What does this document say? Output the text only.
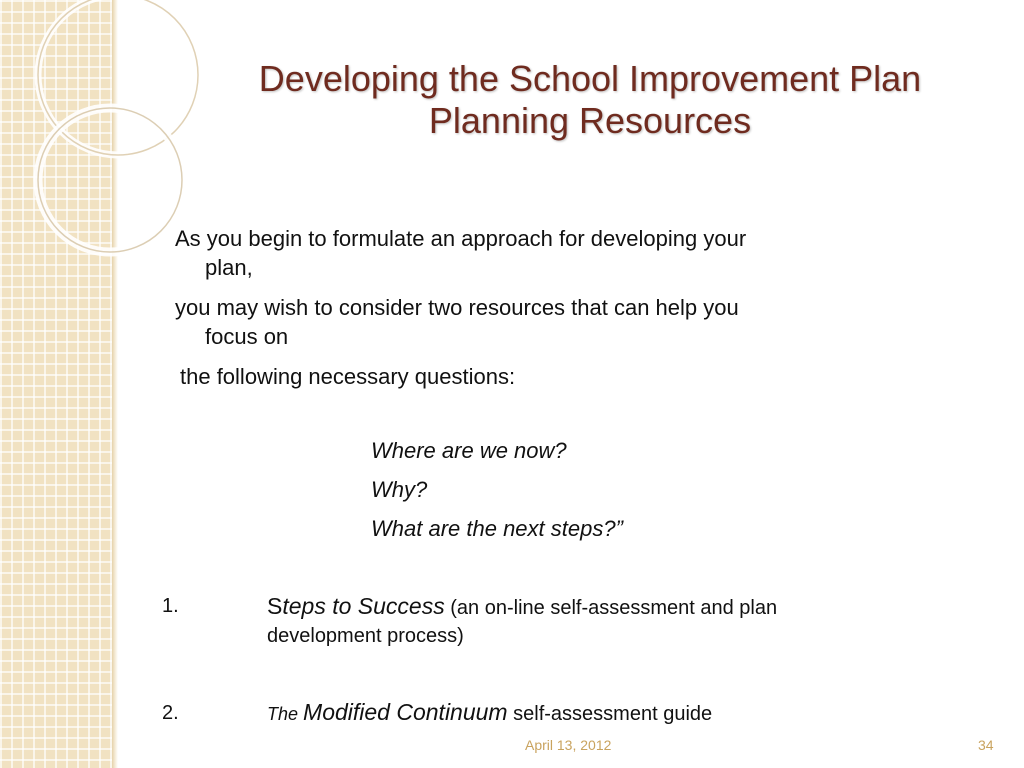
Developing the School Improvement Plan
Planning Resources
As you begin to formulate an approach for developing your
plan,
you may wish to consider two resources that can help you
focus on
the following necessary questions:
Where are we now?
Why?
What are the next steps?”
1.	Steps to Success (an on-line self-assessment and plan
development process)
2.	The Modified Continuum self-assessment guide
April 13, 2012	34
